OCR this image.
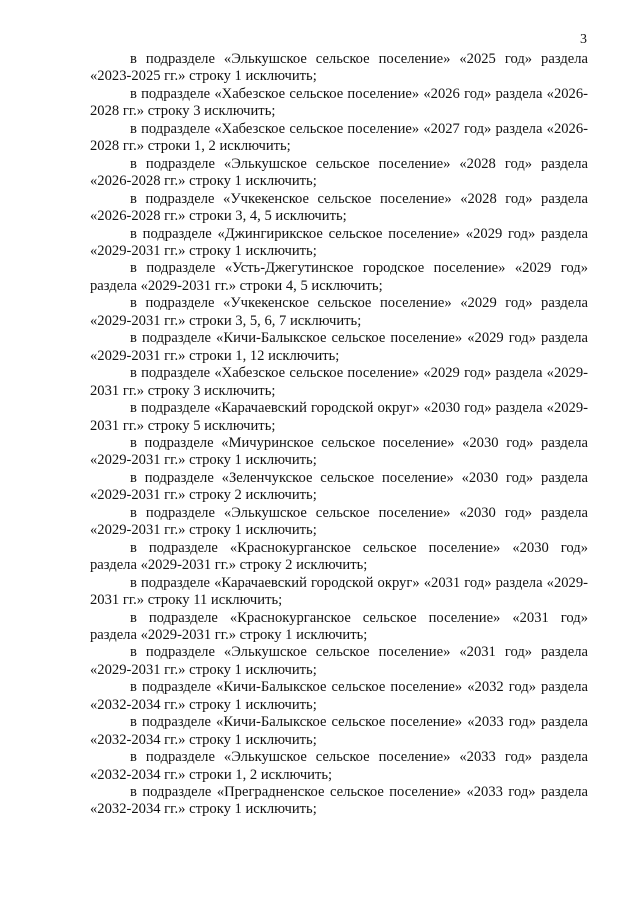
3

в подразделе «Элькушское сельское поселение» «2025 год» раздела «2023-2025 гг.» строку 1 исключить;

в подразделе «Хабезское сельское поселение» «2026 год» раздела «2026-2028 гг.» строку 3 исключить;

в подразделе «Хабезское сельское поселение» «2027 год» раздела «2026-2028 гг.» строки 1, 2 исключить;

в подразделе «Элькушское сельское поселение» «2028 год» раздела «2026-2028 гг.» строку 1 исключить;

в подразделе «Учкекенское сельское поселение» «2028 год» раздела «2026-2028 гг.» строки 3, 4, 5 исключить;

в подразделе «Джингирикское сельское поселение» «2029 год» раздела «2029-2031 гг.» строку 1 исключить;

в подразделе «Усть-Джегутинское городское поселение» «2029 год» раздела «2029-2031 гг.» строки 4, 5 исключить;

в подразделе «Учкекенское сельское поселение» «2029 год» раздела «2029-2031 гг.» строки 3, 5, 6, 7 исключить;

в подразделе «Кичи-Балыкское сельское поселение» «2029 год» раздела «2029-2031 гг.» строки 1, 12 исключить;

в подразделе «Хабезское сельское поселение» «2029 год» раздела «2029-2031 гг.» строку 3 исключить;

в подразделе «Карачаевский городской округ» «2030 год» раздела «2029-2031 гг.» строку 5 исключить;

в подразделе «Мичуринское сельское поселение» «2030 год» раздела «2029-2031 гг.» строку 1 исключить;

в подразделе «Зеленчукское сельское поселение» «2030 год» раздела «2029-2031 гг.» строку 2 исключить;

в подразделе «Элькушское сельское поселение» «2030 год» раздела «2029-2031 гг.» строку 1 исключить;

в подразделе «Краснокурганское сельское поселение» «2030 год» раздела «2029-2031 гг.» строку 2 исключить;

в подразделе «Карачаевский городской округ» «2031 год» раздела «2029-2031 гг.» строку 11 исключить;

в подразделе «Краснокурганское сельское поселение» «2031 год» раздела «2029-2031 гг.» строку 1 исключить;

в подразделе «Элькушское сельское поселение» «2031 год» раздела «2029-2031 гг.» строку 1 исключить;

в подразделе «Кичи-Балыкское сельское поселение» «2032 год» раздела «2032-2034 гг.» строку 1 исключить;

в подразделе «Кичи-Балыкское сельское поселение» «2033 год» раздела «2032-2034 гг.» строку 1 исключить;

в подразделе «Элькушское сельское поселение» «2033 год» раздела «2032-2034 гг.» строки 1, 2 исключить;

в подразделе «Преградненское сельское поселение» «2033 год» раздела «2032-2034 гг.» строку 1 исключить;
